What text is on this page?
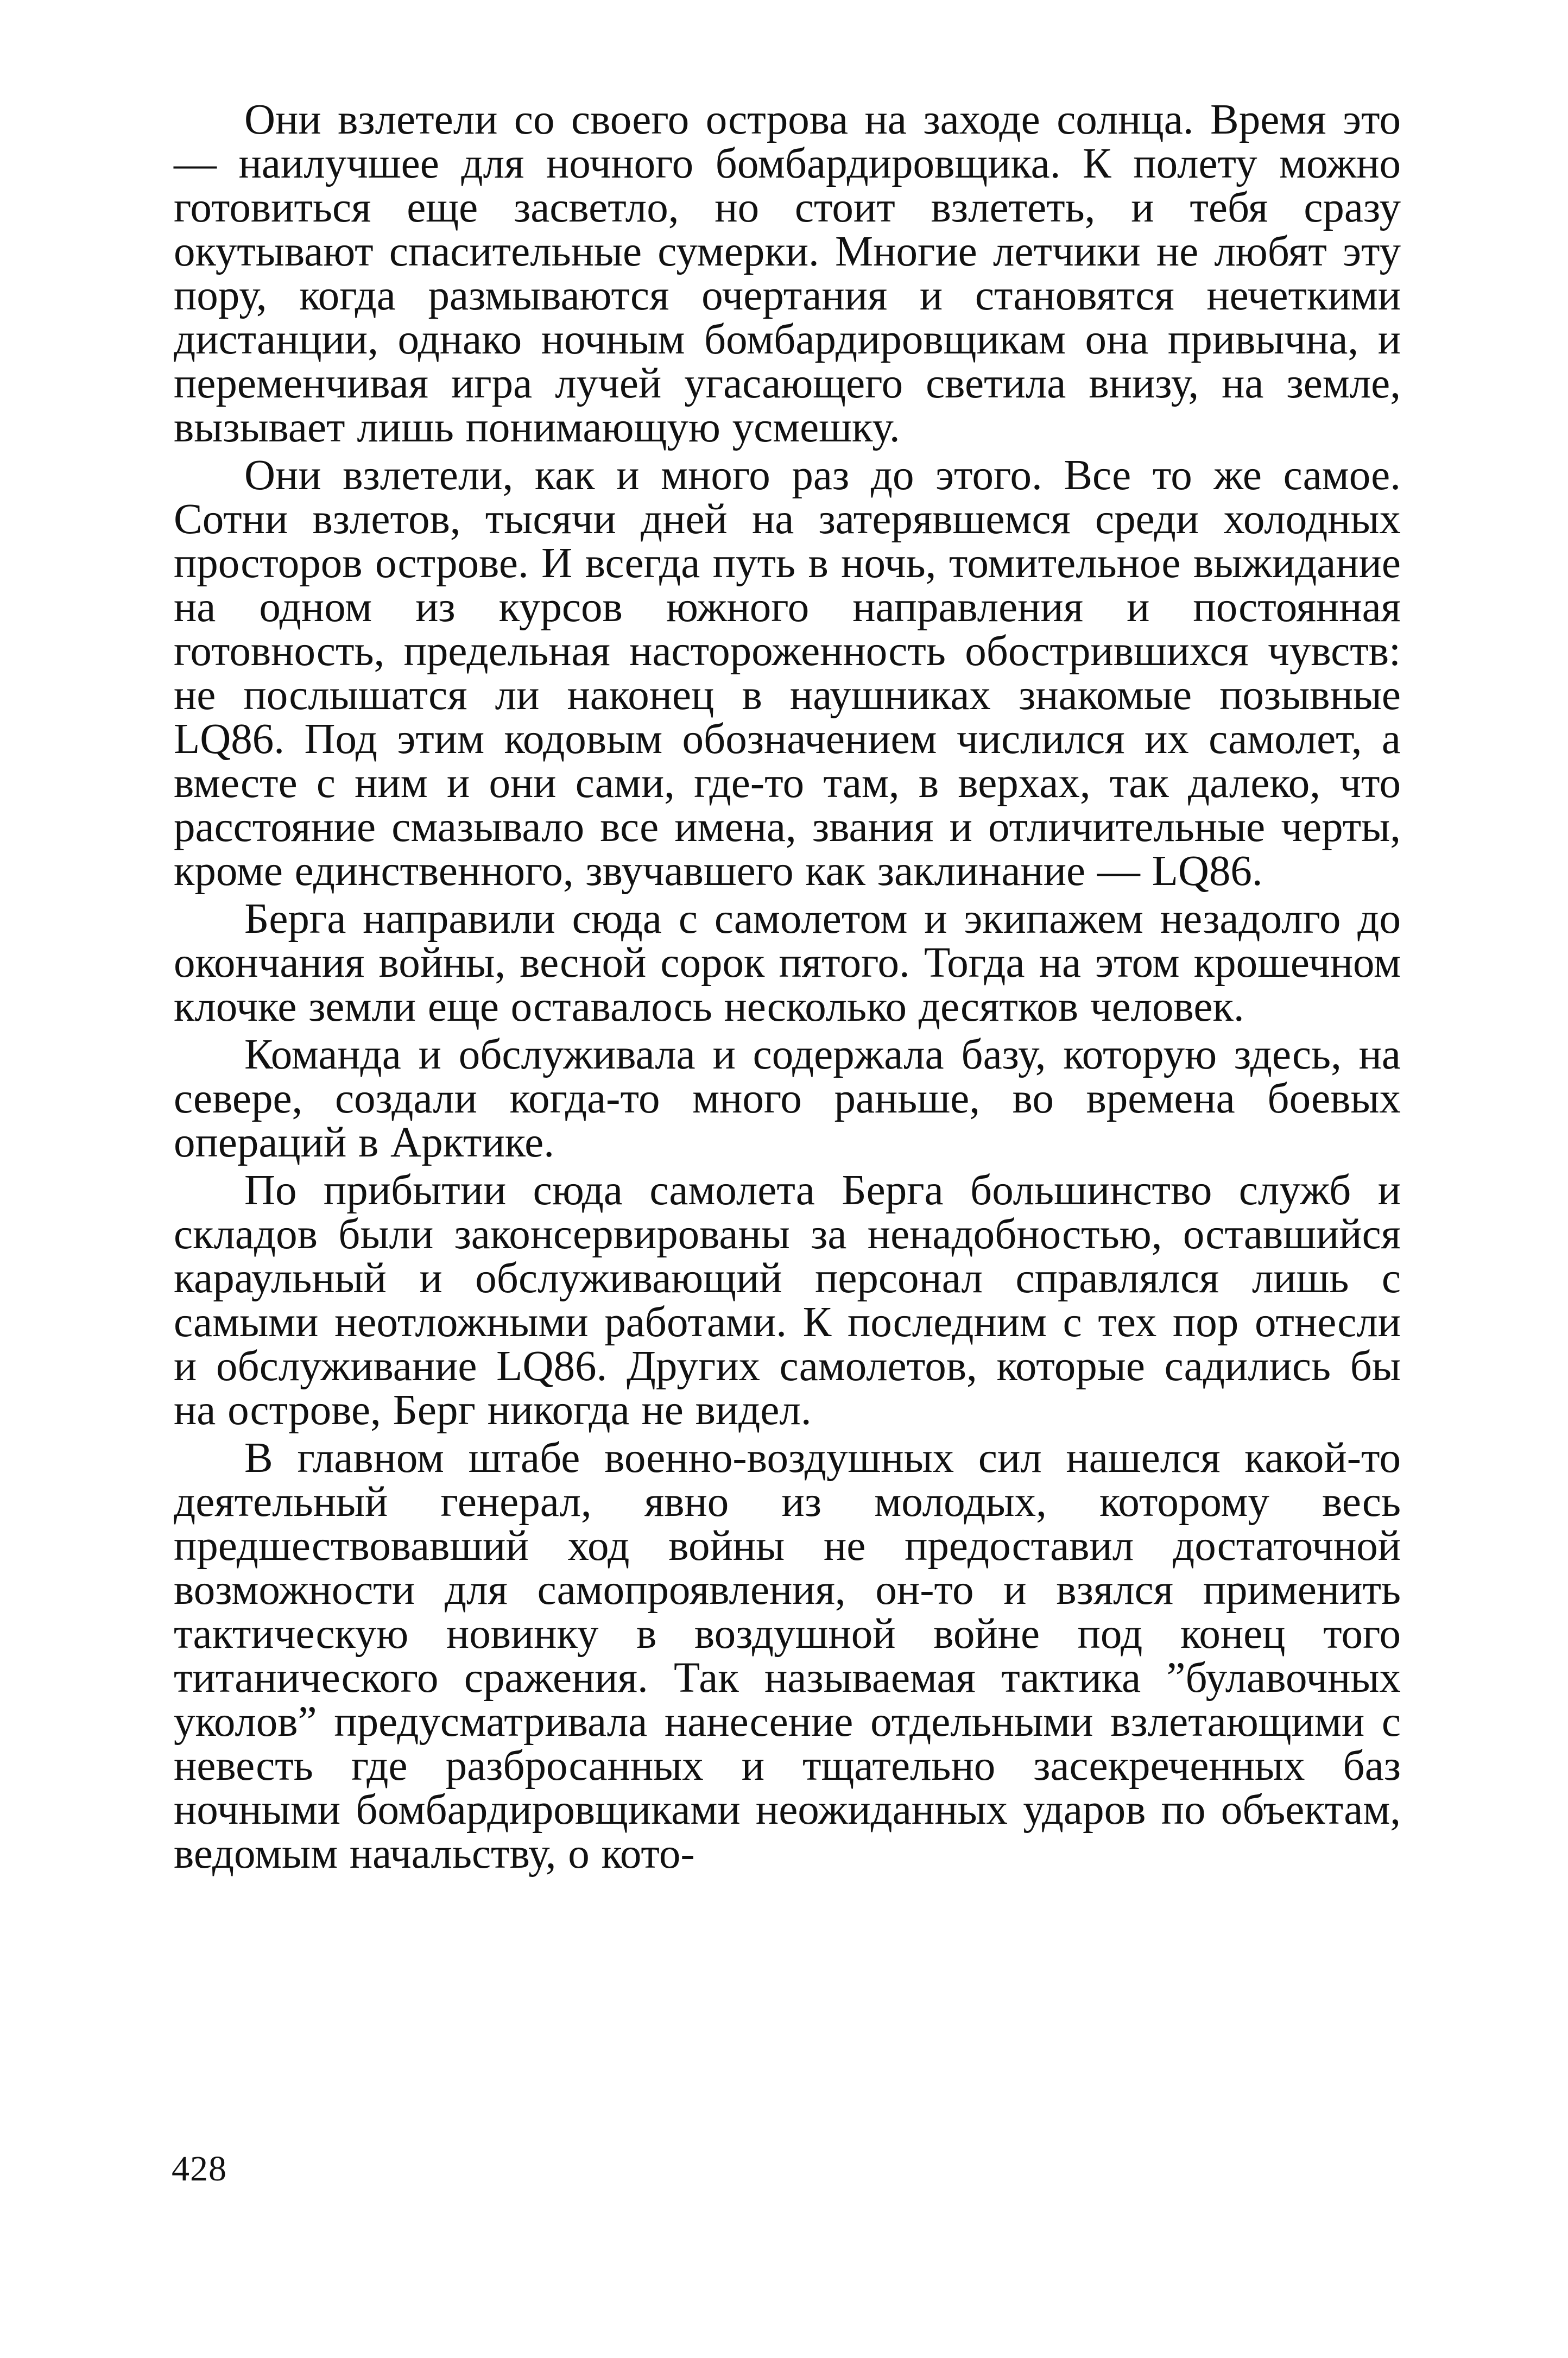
Они взлетели со своего острова на заходе солнца. Время это — наилучшее для ночного бомбардировщика. К полету можно готовиться еще засветло, но стоит взлететь, и тебя сразу окутывают спасительные сумерки. Многие летчики не любят эту пору, когда размываются очертания и становятся нечеткими дистанции, однако ночным бомбардировщикам она привычна, и переменчивая игра лучей угасающего светила внизу, на земле, вызывает лишь понимающую усмешку.

Они взлетели, как и много раз до этого. Все то же самое. Сотни взлетов, тысячи дней на затерявшемся среди холодных просторов острове. И всегда путь в ночь, томительное выжидание на одном из курсов южного направления и постоянная готовность, предельная настороженность обострившихся чувств: не послышатся ли наконец в наушниках знакомые позывные LQ86. Под этим кодовым обозначением числился их самолет, а вместе с ним и они сами, где-то там, в верхах, так далеко, что расстояние смазывало все имена, звания и отличительные черты, кроме единственного, звучавшего как заклинание — LQ86.

Берга направили сюда с самолетом и экипажем незадолго до окончания войны, весной сорок пятого. Тогда на этом крошечном клочке земли еще оставалось несколько десятков человек.

Команда и обслуживала и содержала базу, которую здесь, на севере, создали когда-то много раньше, во времена боевых операций в Арктике.

По прибытии сюда самолета Берга большинство служб и складов были законсервированы за ненадобностью, оставшийся караульный и обслуживающий персонал справлялся лишь с самыми неотложными работами. К последним с тех пор отнесли и обслуживание LQ86. Других самолетов, которые садились бы на острове, Берг никогда не видел.

В главном штабе военно-воздушных сил нашелся какой-то деятельный генерал, явно из молодых, которому весь предшествовавший ход войны не предоставил достаточной возможности для самопроявления, он-то и взялся применить тактическую новинку в воздушной войне под конец того титанического сражения. Так называемая тактика ”булавочных уколов” предусматривала нанесение отдельными взлетающими с невесть где разбросанных и тщательно засекреченных баз ночными бомбардировщиками неожиданных ударов по объектам, ведомым начальству, о кото-

428
